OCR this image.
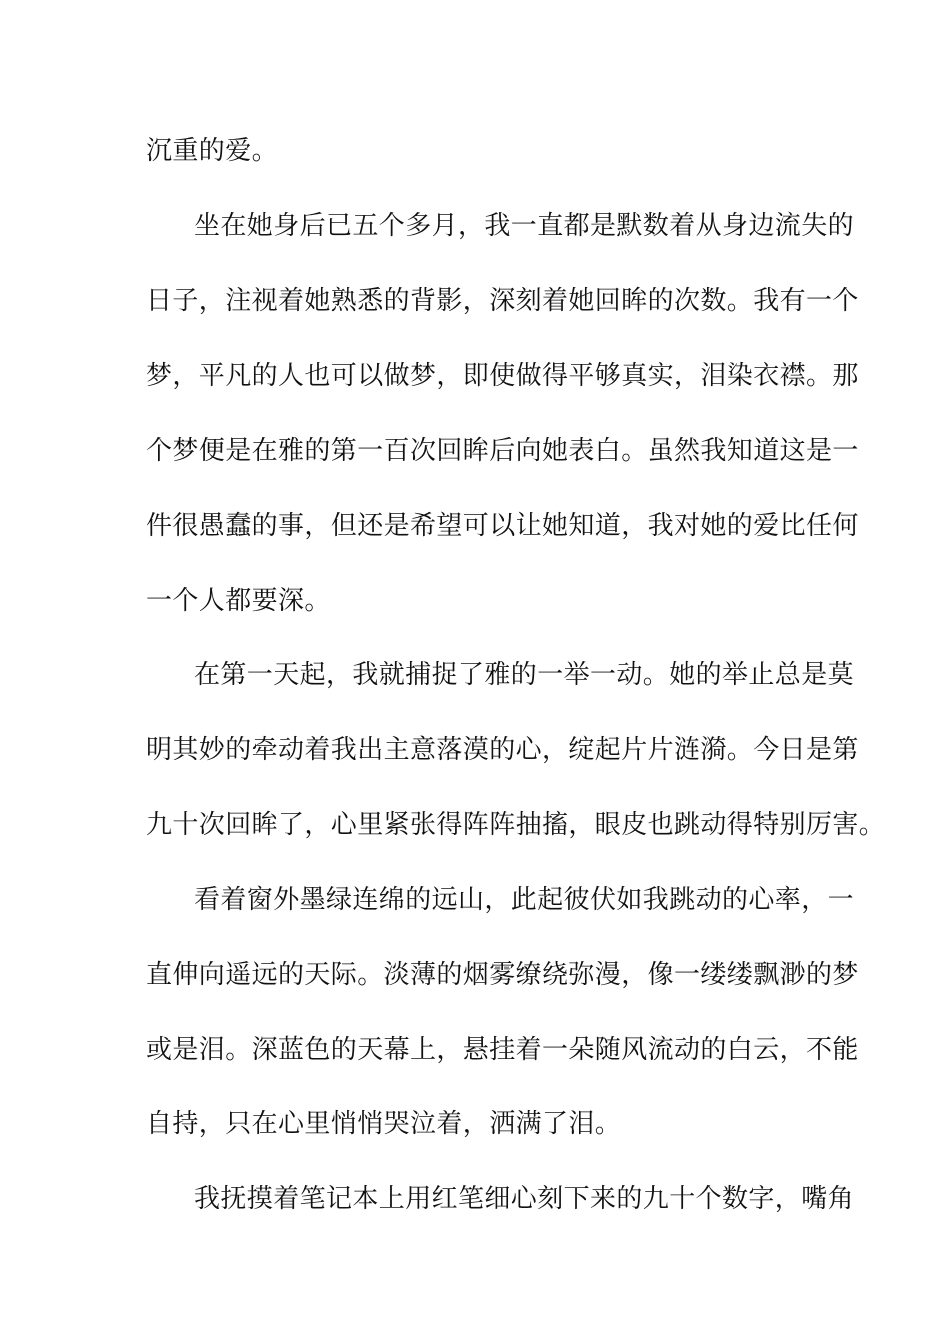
沉重的爱。
坐在她身后已五个多月，我一直都是默数着从身边流失的
日子，注视着她熟悉的背影，深刻着她回眸的次数。我有一个
梦，平凡的人也可以做梦，即使做得平够真实，泪染衣襟。那
个梦便是在雅的第一百次回眸后向她表白。虽然我知道这是一
件很愚蠢的事，但还是希望可以让她知道，我对她的爱比任何
一个人都要深。
在第一天起，我就捕捉了雅的一举一动。她的举止总是莫
明其妙的牵动着我出主意落漠的心，绽起片片涟漪。今日是第
九十次回眸了，心里紧张得阵阵抽搐，眼皮也跳动得特别厉害。
看着窗外墨绿连绵的远山，此起彼伏如我跳动的心率，一
直伸向遥远的天际。淡薄的烟雾缭绕弥漫，像一缕缕飘渺的梦
或是泪。深蓝色的天幕上，悬挂着一朵随风流动的白云，不能
自持，只在心里悄悄哭泣着，洒满了泪。
我抚摸着笔记本上用红笔细心刻下来的九十个数字，嘴角
